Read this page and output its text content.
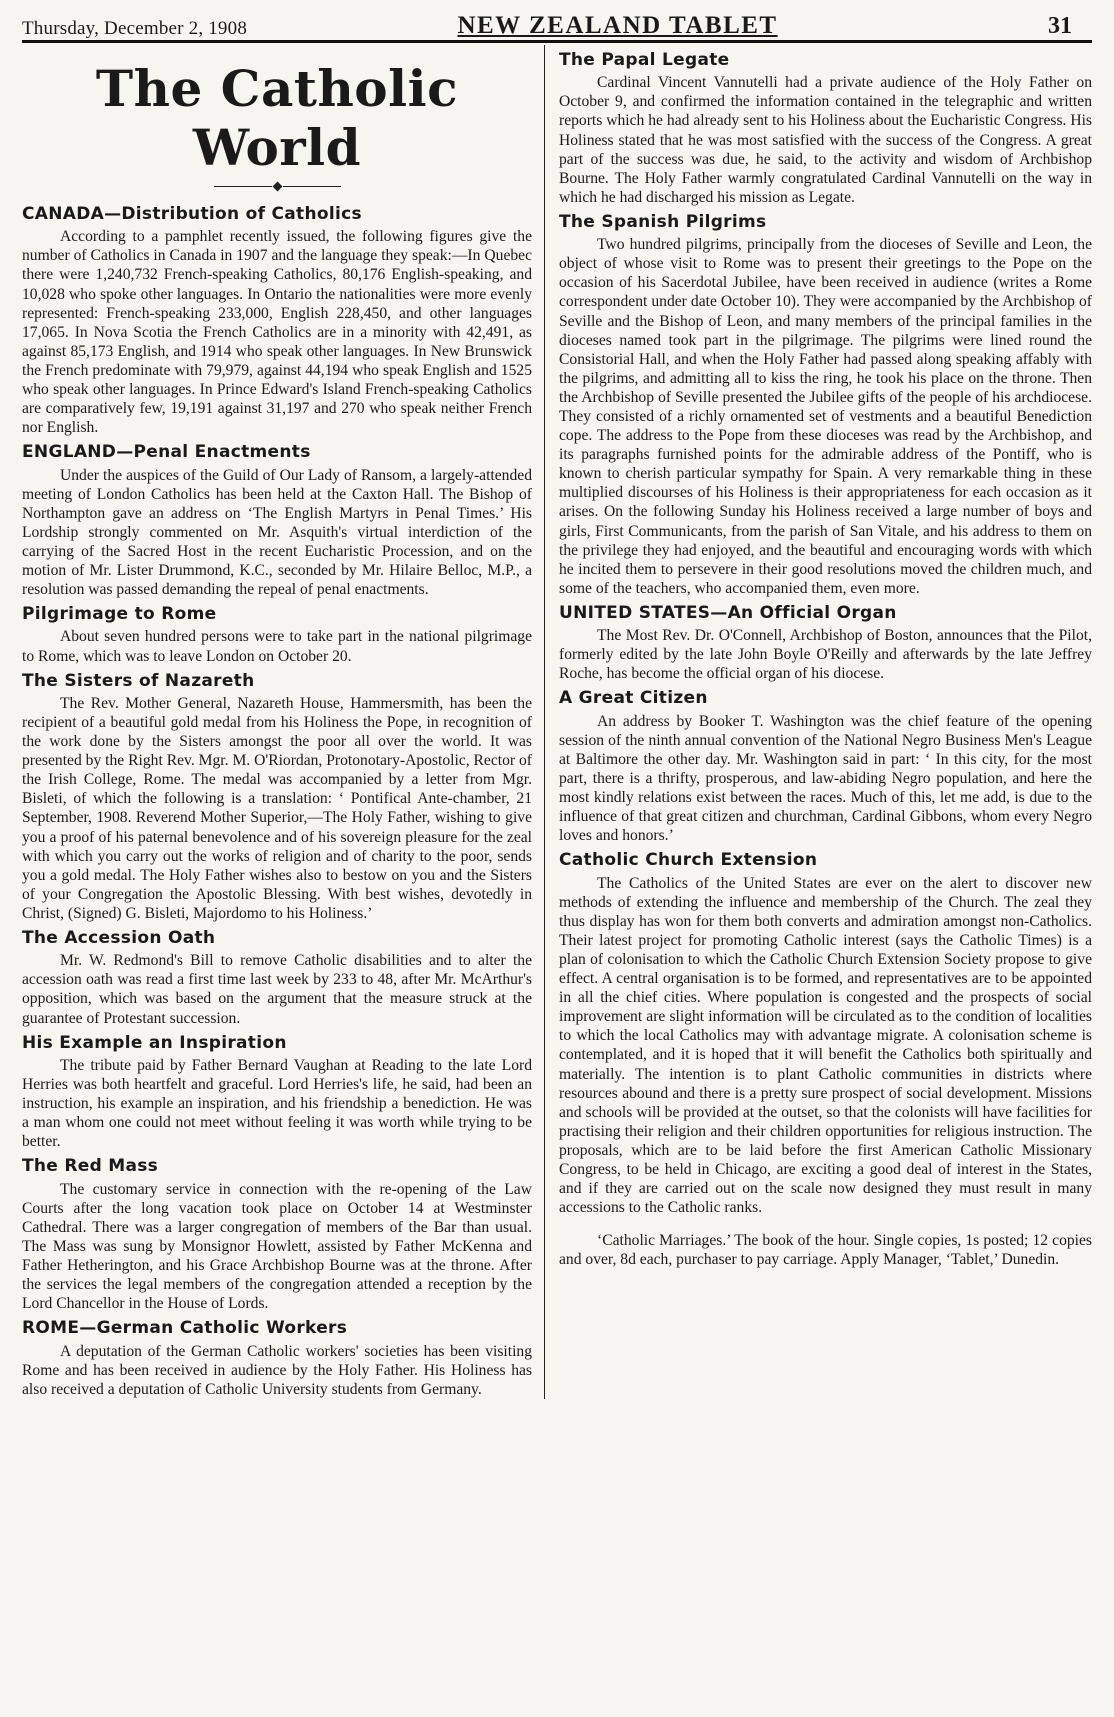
Thursday, December 2, 1908	NEW ZEALAND TABLET	31
The Catholic World
CANADA—Distribution of Catholics

According to a pamphlet recently issued, the following figures give the number of Catholics in Canada in 1907 and the language they speak:—In Quebec there were 1,240,732 French-speaking Catholics, 80,176 English-speaking, and 10,028 who spoke other languages. In Ontario the nationalities were more evenly represented: French-speaking 233,000, English 228,450, and other languages 17,065. In Nova Scotia the French Catholics are in a minority with 42,491, as against 85,173 English, and 1914 who speak other languages. In New Brunswick the French predominate with 79,979, against 44,194 who speak English and 1525 who speak other languages. In Prince Edward's Island French-speaking Catholics are comparatively few, 19,191 against 31,197 and 270 who speak neither French nor English.

ENGLAND—Penal Enactments

Under the auspices of the Guild of Our Lady of Ransom, a largely-attended meeting of London Catholics has been held at the Caxton Hall. The Bishop of Northampton gave an address on ‘The English Martyrs in Penal Times.’ His Lordship strongly commented on Mr. Asquith's virtual interdiction of the carrying of the Sacred Host in the recent Eucharistic Procession, and on the motion of Mr. Lister Drummond, K.C., seconded by Mr. Hilaire Belloc, M.P., a resolution was passed demanding the repeal of penal enactments.

Pilgrimage to Rome

About seven hundred persons were to take part in the national pilgrimage to Rome, which was to leave London on October 20.

The Sisters of Nazareth

The Rev. Mother General, Nazareth House, Hammersmith, has been the recipient of a beautiful gold medal from his Holiness the Pope, in recognition of the work done by the Sisters amongst the poor all over the world. It was presented by the Right Rev. Mgr. M. O'Riordan, Protonotary-Apostolic, Rector of the Irish College, Rome. The medal was accompanied by a letter from Mgr. Bisleti, of which the following is a translation: ‘ Pontifical Ante-chamber, 21 September, 1908. Reverend Mother Superior,—The Holy Father, wishing to give you a proof of his paternal benevolence and of his sovereign pleasure for the zeal with which you carry out the works of religion and of charity to the poor, sends you a gold medal. The Holy Father wishes also to bestow on you and the Sisters of your Congregation the Apostolic Blessing. With best wishes, devotedly in Christ, (Signed) G. Bisleti, Majordomo to his Holiness.’

The Accession Oath

Mr. W. Redmond's Bill to remove Catholic disabilities and to alter the accession oath was read a first time last week by 233 to 48, after Mr. McArthur's opposition, which was based on the argument that the measure struck at the guarantee of Protestant succession.

His Example an Inspiration

The tribute paid by Father Bernard Vaughan at Reading to the late Lord Herries was both heartfelt and graceful. Lord Herries's life, he said, had been an instruction, his example an inspiration, and his friendship a benediction. He was a man whom one could not meet without feeling it was worth while trying to be better.

The Red Mass

The customary service in connection with the re-opening of the Law Courts after the long vacation took place on October 14 at Westminster Cathedral. There was a larger congregation of members of the Bar than usual. The Mass was sung by Monsignor Howlett, assisted by Father McKenna and Father Hetherington, and his Grace Archbishop Bourne was at the throne. After the services the legal members of the congregation attended a reception by the Lord Chancellor in the House of Lords.

ROME—German Catholic Workers

A deputation of the German Catholic workers' societies has been visiting Rome and has been received in audience by the Holy Father. His Holiness has also received a deputation of Catholic University students from Germany.

The Papal Legate

Cardinal Vincent Vannutelli had a private audience of the Holy Father on October 9, and confirmed the information contained in the telegraphic and written reports which he had already sent to his Holiness about the Eucharistic Congress. His Holiness stated that he was most satisfied with the success of the Congress. A great part of the success was due, he said, to the activity and wisdom of Archbishop Bourne. The Holy Father warmly congratulated Cardinal Vannutelli on the way in which he had discharged his mission as Legate.

The Spanish Pilgrims

Two hundred pilgrims, principally from the dioceses of Seville and Leon, the object of whose visit to Rome was to present their greetings to the Pope on the occasion of his Sacerdotal Jubilee, have been received in audience (writes a Rome correspondent under date October 10). They were accompanied by the Archbishop of Seville and the Bishop of Leon, and many members of the principal families in the dioceses named took part in the pilgrimage. The pilgrims were lined round the Consistorial Hall, and when the Holy Father had passed along speaking affably with the pilgrims, and admitting all to kiss the ring, he took his place on the throne. Then the Archbishop of Seville presented the Jubilee gifts of the people of his archdiocese. They consisted of a richly ornamented set of vestments and a beautiful Benediction cope. The address to the Pope from these dioceses was read by the Archbishop, and its paragraphs furnished points for the admirable address of the Pontiff, who is known to cherish particular sympathy for Spain. A very remarkable thing in these multiplied discourses of his Holiness is their appropriateness for each occasion as it arises. On the following Sunday his Holiness received a large number of boys and girls, First Communicants, from the parish of San Vitale, and his address to them on the privilege they had enjoyed, and the beautiful and encouraging words with which he incited them to persevere in their good resolutions moved the children much, and some of the teachers, who accompanied them, even more.

UNITED STATES—An Official Organ

The Most Rev. Dr. O'Connell, Archbishop of Boston, announces that the Pilot, formerly edited by the late John Boyle O'Reilly and afterwards by the late Jeffrey Roche, has become the official organ of his diocese.

A Great Citizen

An address by Booker T. Washington was the chief feature of the opening session of the ninth annual convention of the National Negro Business Men's League at Baltimore the other day. Mr. Washington said in part: ‘ In this city, for the most part, there is a thrifty, prosperous, and law-abiding Negro population, and here the most kindly relations exist between the races. Much of this, let me add, is due to the influence of that great citizen and churchman, Cardinal Gibbons, whom every Negro loves and honors.’

Catholic Church Extension

The Catholics of the United States are ever on the alert to discover new methods of extending the influence and membership of the Church. The zeal they thus display has won for them both converts and admiration amongst non-Catholics. Their latest project for promoting Catholic interest (says the Catholic Times) is a plan of colonisation to which the Catholic Church Extension Society propose to give effect. A central organisation is to be formed, and representatives are to be appointed in all the chief cities. Where population is congested and the prospects of social improvement are slight information will be circulated as to the condition of localities to which the local Catholics may with advantage migrate. A colonisation scheme is contemplated, and it is hoped that it will benefit the Catholics both spiritually and materially. The intention is to plant Catholic communities in districts where resources abound and there is a pretty sure prospect of social development. Missions and schools will be provided at the outset, so that the colonists will have facilities for practising their religion and their children opportunities for religious instruction. The proposals, which are to be laid before the first American Catholic Missionary Congress, to be held in Chicago, are exciting a good deal of interest in the States, and if they are carried out on the scale now designed they must result in many accessions to the Catholic ranks.

‘Catholic Marriages.’ The book of the hour. Single copies, 1s posted; 12 copies and over, 8d each, purchaser to pay carriage. Apply Manager, ‘Tablet,’ Dunedin.
